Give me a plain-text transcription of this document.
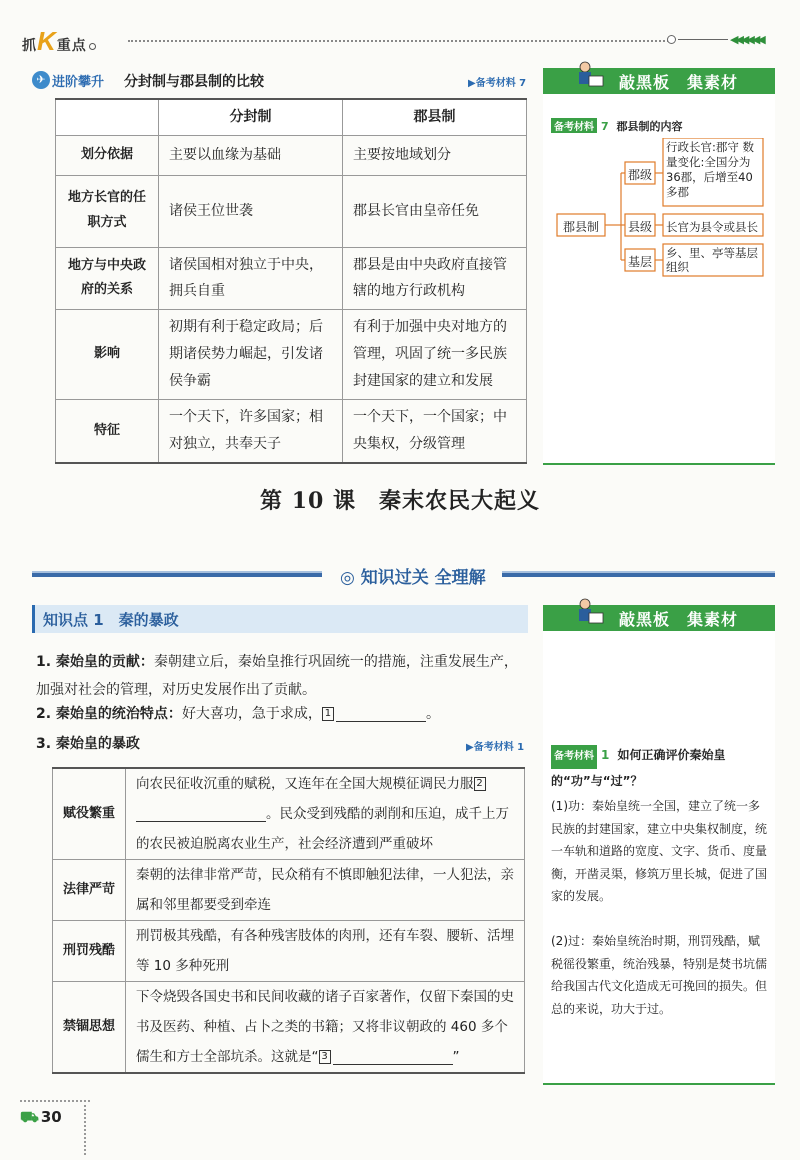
抓K重点	◀◀◀◀◀◀
✈ 进阶攀升 分封制与郡县制的比较	▶备考材料 7
	分封制	郡县制
划分依据	主要以血缘为基础	主要按地域划分
地方长官的任职方式	诸侯王位世袭	郡县长官由皇帝任免
地方与中央政府的关系	诸侯国相对独立于中央，拥兵自重	郡县是由中央政府直接管辖的地方行政机构
影响	初期有利于稳定政局；后期诸侯势力崛起，引发诸侯争霸	有利于加强中央对地方的管理，巩固了统一多民族封建国家的建立和发展
特征	一个天下，许多国家；相对独立，共奉天子	一个天下，一个国家；中央集权，分级管理
敲黑板　集素材
备考材料 7 郡县制的内容
郡县制
郡级
县级
基层
行政长官:郡守 数量变化:全国分为36郡，后增至40多郡
长官为县令或县长
乡、里、亭等基层组织
第 10 课　秦末农民大起义
◎ 知识过关 全理解
知识点 1　秦的暴政
1. 秦始皇的贡献：秦朝建立后，秦始皇推行巩固统一的措施，注重发展生产，加强对社会的管理，对历史发展作出了贡献。
2. 秦始皇的统治特点：好大喜功，急于求成， 1	。
3. 秦始皇的暴政	▶备考材料 1
赋役繁重	向农民征收沉重的赋税，又连年在全国大规模征调民力服 2。民众受到残酷的剥削和压迫，成千上万的农民被迫脱离农业生产，社会经济遭到严重破坏
法律严苛	秦朝的法律非常严苛，民众稍有不慎即触犯法律，一人犯法，亲属和邻里都要受到牵连
刑罚残酷	刑罚极其残酷，有各种残害肢体的肉刑，还有车裂、腰斩、活埋等 10 多种死刑
禁锢思想	下令烧毁各国史书和民间收藏的诸子百家著作，仅留下秦国的史书及医药、种植、占卜之类的书籍；又将非议朝政的 460 多个儒生和方士全部坑杀。这就是“ 3 ”
敲黑板　集素材
备考材料 1 如何正确评价秦始皇的“功”与“过”？
(1)功：秦始皇统一全国，建立了统一多民族的封建国家，建立中央集权制度，统一车轨和道路的宽度、文字、货币、度量衡，开凿灵渠，修筑万里长城，促进了国家的发展。
(2)过：秦始皇统治时期，刑罚残酷，赋税徭役繁重，统治残暴，特别是焚书坑儒给我国古代文化造成无可挽回的损失。但总的来说，功大于过。
⛟ 30
